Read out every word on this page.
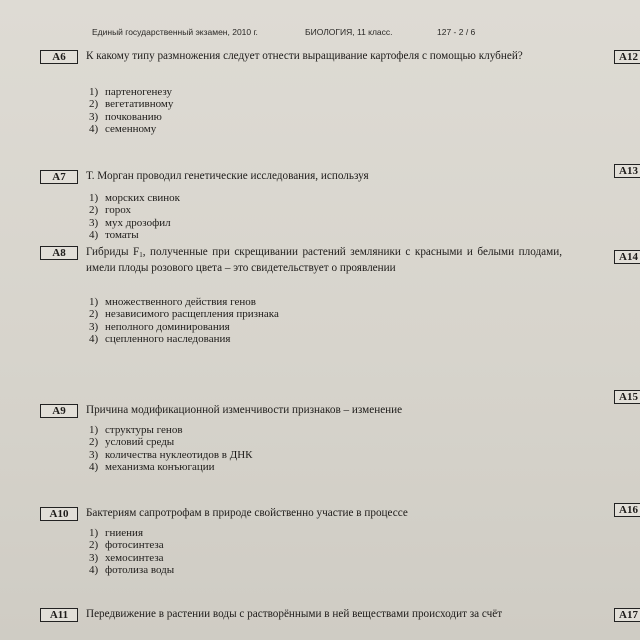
Единый государственный экзамен, 2010 г.	БИОЛОГИЯ, 11 класс.	127 - 2 / 6
А6	К какому типу размножения следует отнести выращивание картофеля с помощью клубней?
1) партеногенезу
2) вегетативному
3) почкованию
4) семенному
А7	Т. Морган проводил генетические исследования, используя
1) морских свинок
2) горох
3) мух дрозофил
4) томаты
А8	Гибриды $F_1$, полученные при скрещивании растений земляники с красными и белыми плодами, имели плоды розового цвета – это свидетельствует о проявлении
1) множественного действия генов
2) независимого расщепления признака
3) неполного доминирования
4) сцепленного наследования
А9	Причина модификационной изменчивости признаков – изменение
1) структуры генов
2) условий среды
3) количества нуклеотидов в ДНК
4) механизма конъюгации
А10	Бактериям сапротрофам в природе свойственно участие в процессе
1) гниения
2) фотосинтеза
3) хемосинтеза
4) фотолиза воды
А11	Передвижение в растении воды с растворёнными в ней веществами происходит за счёт
А12
А13
А14
А15
А16
А17
